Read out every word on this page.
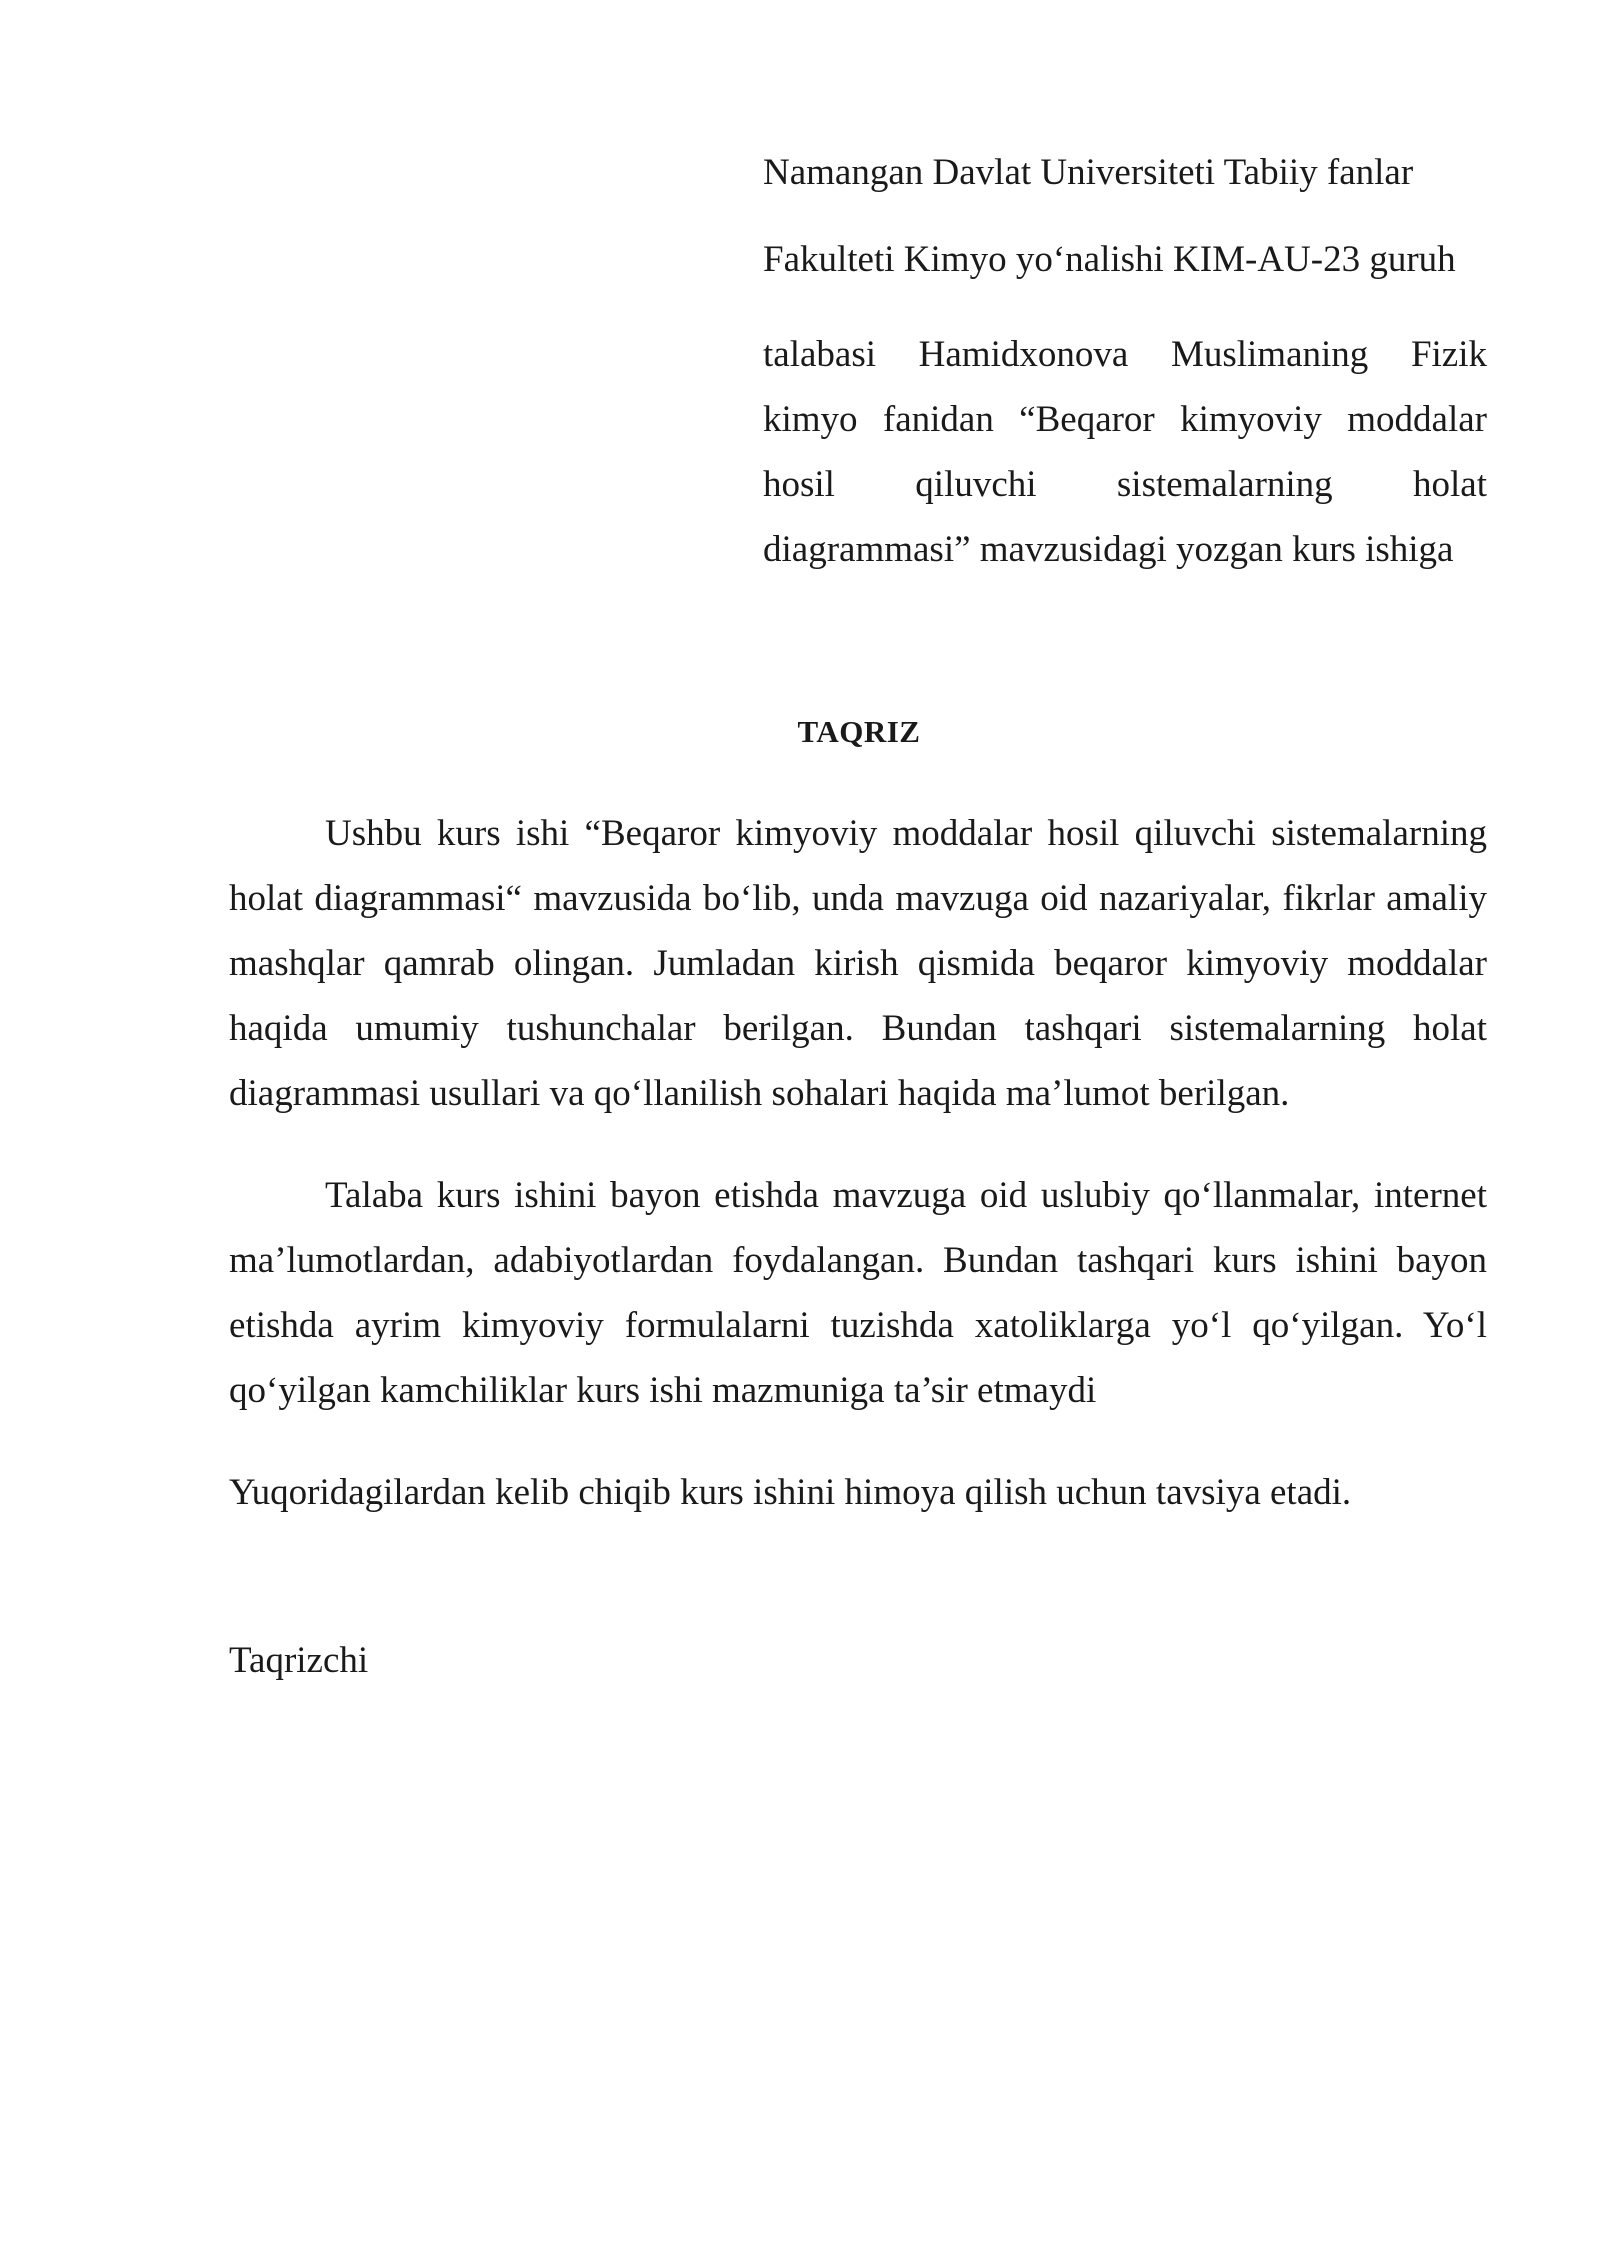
Namangan Davlat Universiteti Tabiiy fanlar
Fakulteti Kimyo yo‘nalishi KIM-AU-23 guruh

talabasi Hamidxonova Muslimaning Fizik kimyo fanidan “Beqaror kimyoviy moddalar hosil qiluvchi sistemalarning holat diagrammasi” mavzusidagi yozgan kurs ishiga

TAQRIZ

Ushbu kurs ishi “Beqaror kimyoviy moddalar hosil qiluvchi sistemalarning holat diagrammasi“ mavzusida bo‘lib, unda mavzuga oid nazariyalar, fikrlar amaliy mashqlar qamrab olingan. Jumladan kirish qismida beqaror kimyoviy moddalar haqida umumiy tushunchalar berilgan. Bundan tashqari sistemalarning holat diagrammasi usullari va qo‘llanilish sohalari haqida ma’lumot berilgan.

Talaba kurs ishini bayon etishda mavzuga oid uslubiy qo‘llanmalar, internet ma’lumotlardan, adabiyotlardan foydalangan. Bundan tashqari kurs ishini bayon etishda ayrim kimyoviy formulalarni tuzishda xatoliklarga yo‘l qo‘yilgan. Yo‘l qo‘yilgan kamchiliklar kurs ishi mazmuniga ta’sir etmaydi

Yuqoridagilardan kelib chiqib kurs ishini himoya qilish uchun tavsiya etadi.

Taqrizchi
